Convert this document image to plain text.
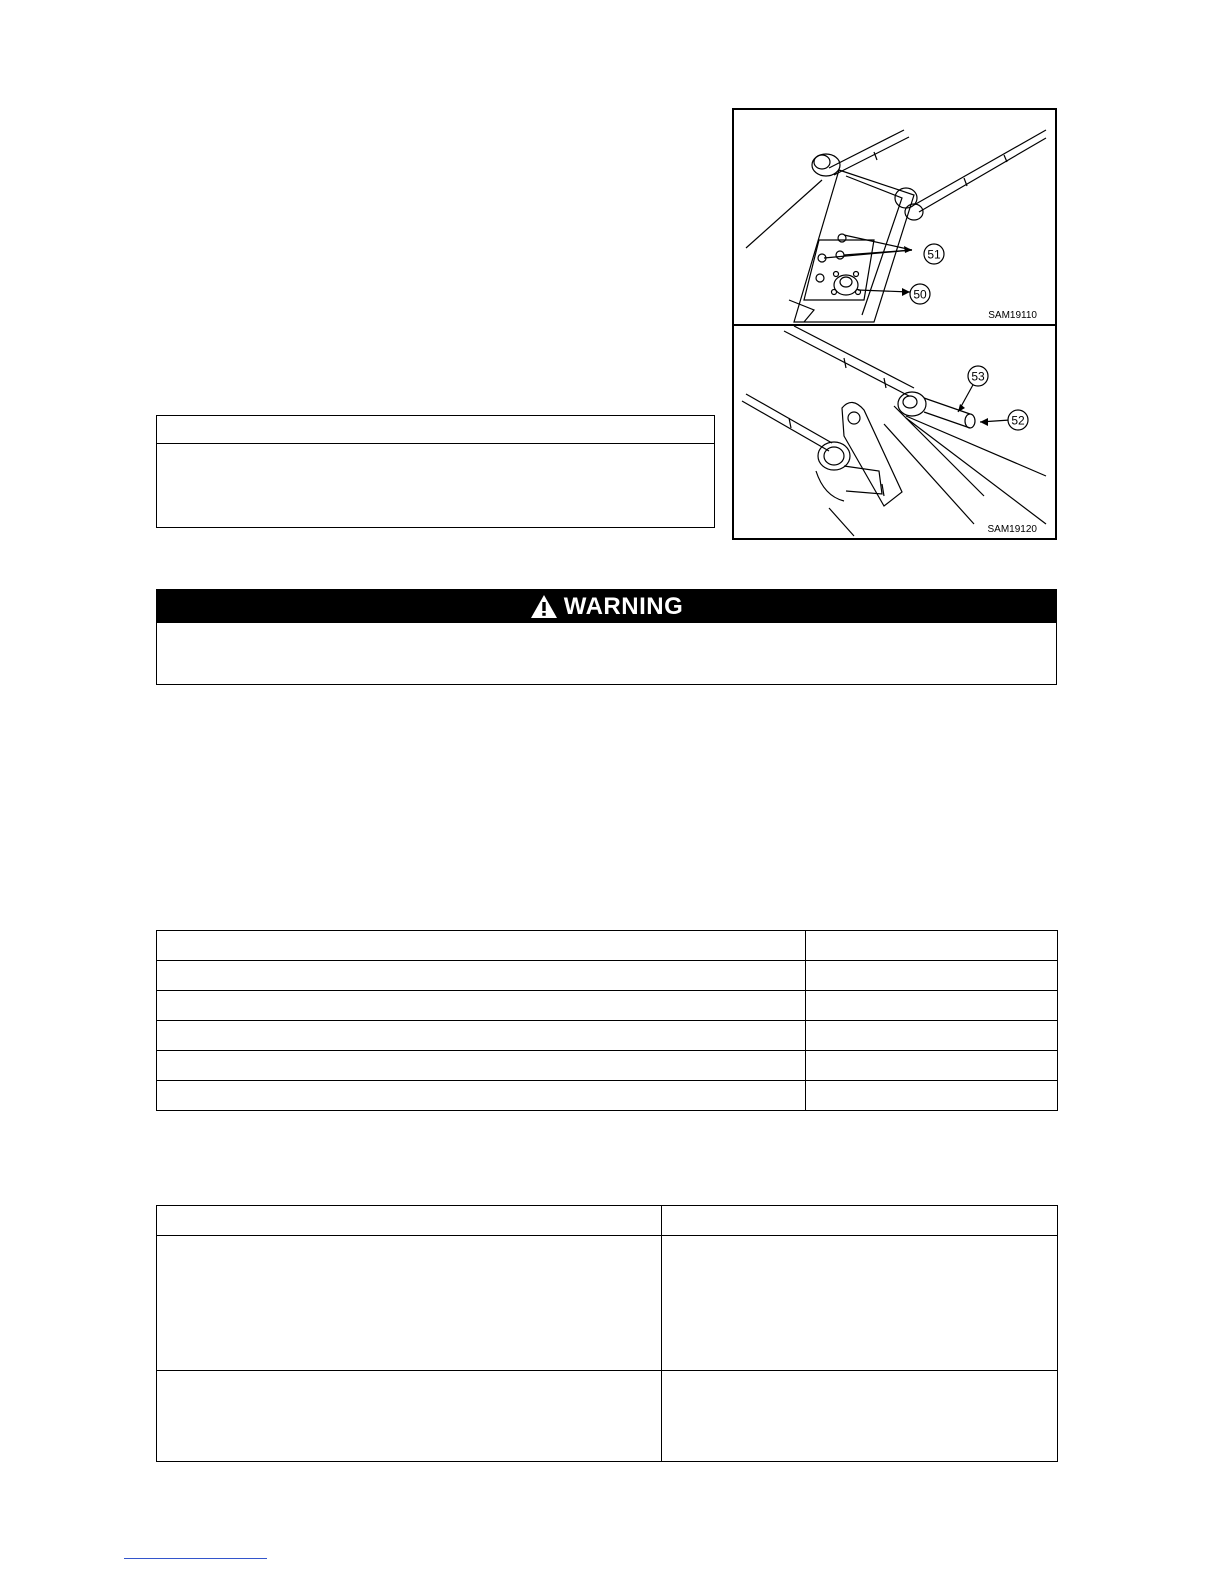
51
50
SAM19110
53
52
SAM19120
WARNING
